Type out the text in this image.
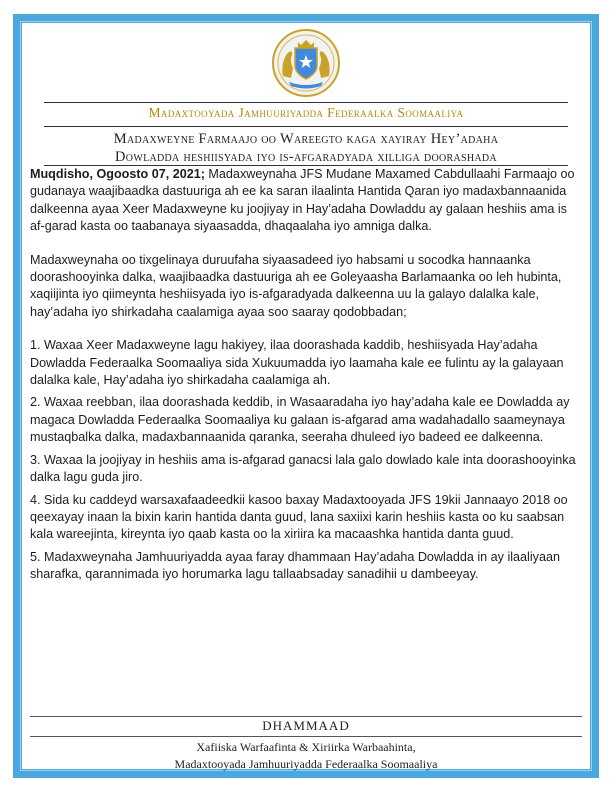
Madaxtooyada Jamhuuriyadda Federaalka Soomaaliya
Madaxweyne Farmaajo oo Wareegto kaga xayiray Hey’adaha
Dowladda heshiisyada iyo is-afgaradyada xilliga doorashada

Muqdisho, Ogoosto 07, 2021; Madaxweynaha JFS Mudane Maxamed Cabdullaahi Farmaajo oo gudanaya waajibaadka dastuuriga ah ee ka saran ilaalinta Hantida Qaran iyo madaxbannaanida dalkeenna ayaa Xeer Madaxweyne ku joojiyay in Hay’adaha Dowladdu ay galaan heshiis ama is af-garad kasta oo taabanaya siyaasadda, dhaqaalaha iyo amniga dalka.

Madaxweynaha oo tixgelinaya duruufaha siyaasadeed iyo habsami u socodka hannaanka doorashooyinka dalka, waajibaadka dastuuriga ah ee Goleyaasha Barlamaanka oo leh hubinta, xaqiijinta iyo qiimeynta heshiisyada iyo is-afgaradyada dalkeenna uu la galayo dalalka kale, hay’adaha iyo shirkadaha caalamiga ayaa soo saaray qodobbadan;

1. Waxaa Xeer Madaxweyne lagu hakiyey, ilaa doorashada kaddib, heshiisyada Hay’adaha Dowladda Federaalka Soomaaliya sida Xukuumadda iyo laamaha kale ee fulintu ay la galayaan dalalka kale, Hay’adaha iyo shirkadaha caalamiga ah.

2. Waxaa reebban, ilaa doorashada keddib, in Wasaaradaha iyo hay’adaha kale ee Dowladda ay magaca Dowladda Federaalka Soomaaliya ku galaan is-afgarad ama wadahadallo saameynaya mustaqbalka dalka, madaxbannaanida qaranka, seeraha dhuleed iyo badeed ee dalkeenna.

3. Waxaa la joojiyay in heshiis ama is-afgarad ganacsi lala galo dowlado kale inta doorashooyinka dalka lagu guda jiro.

4. Sida ku caddeyd warsaxafaadeedkii kasoo baxay Madaxtooyada JFS 19kii Jannaayo 2018 oo qeexayay inaan la bixin karin hantida danta guud, lana saxiixi karin heshiis kasta oo ku saabsan kala wareejinta, kireynta iyo qaab kasta oo la xiriira ka macaashka hantida danta guud.

5. Madaxweynaha Jamhuuriyadda ayaa faray dhammaan Hay’adaha Dowladda in ay ilaaliyaan sharafka, qarannimada iyo horumarka lagu tallaabsaday sanadihii u dambeeyay.

DHAMMAAD
Xafiiska Warfaafinta & Xiriirka Warbaahinta,
Madaxtooyada Jamhuuriyadda Federaalka Soomaaliya
